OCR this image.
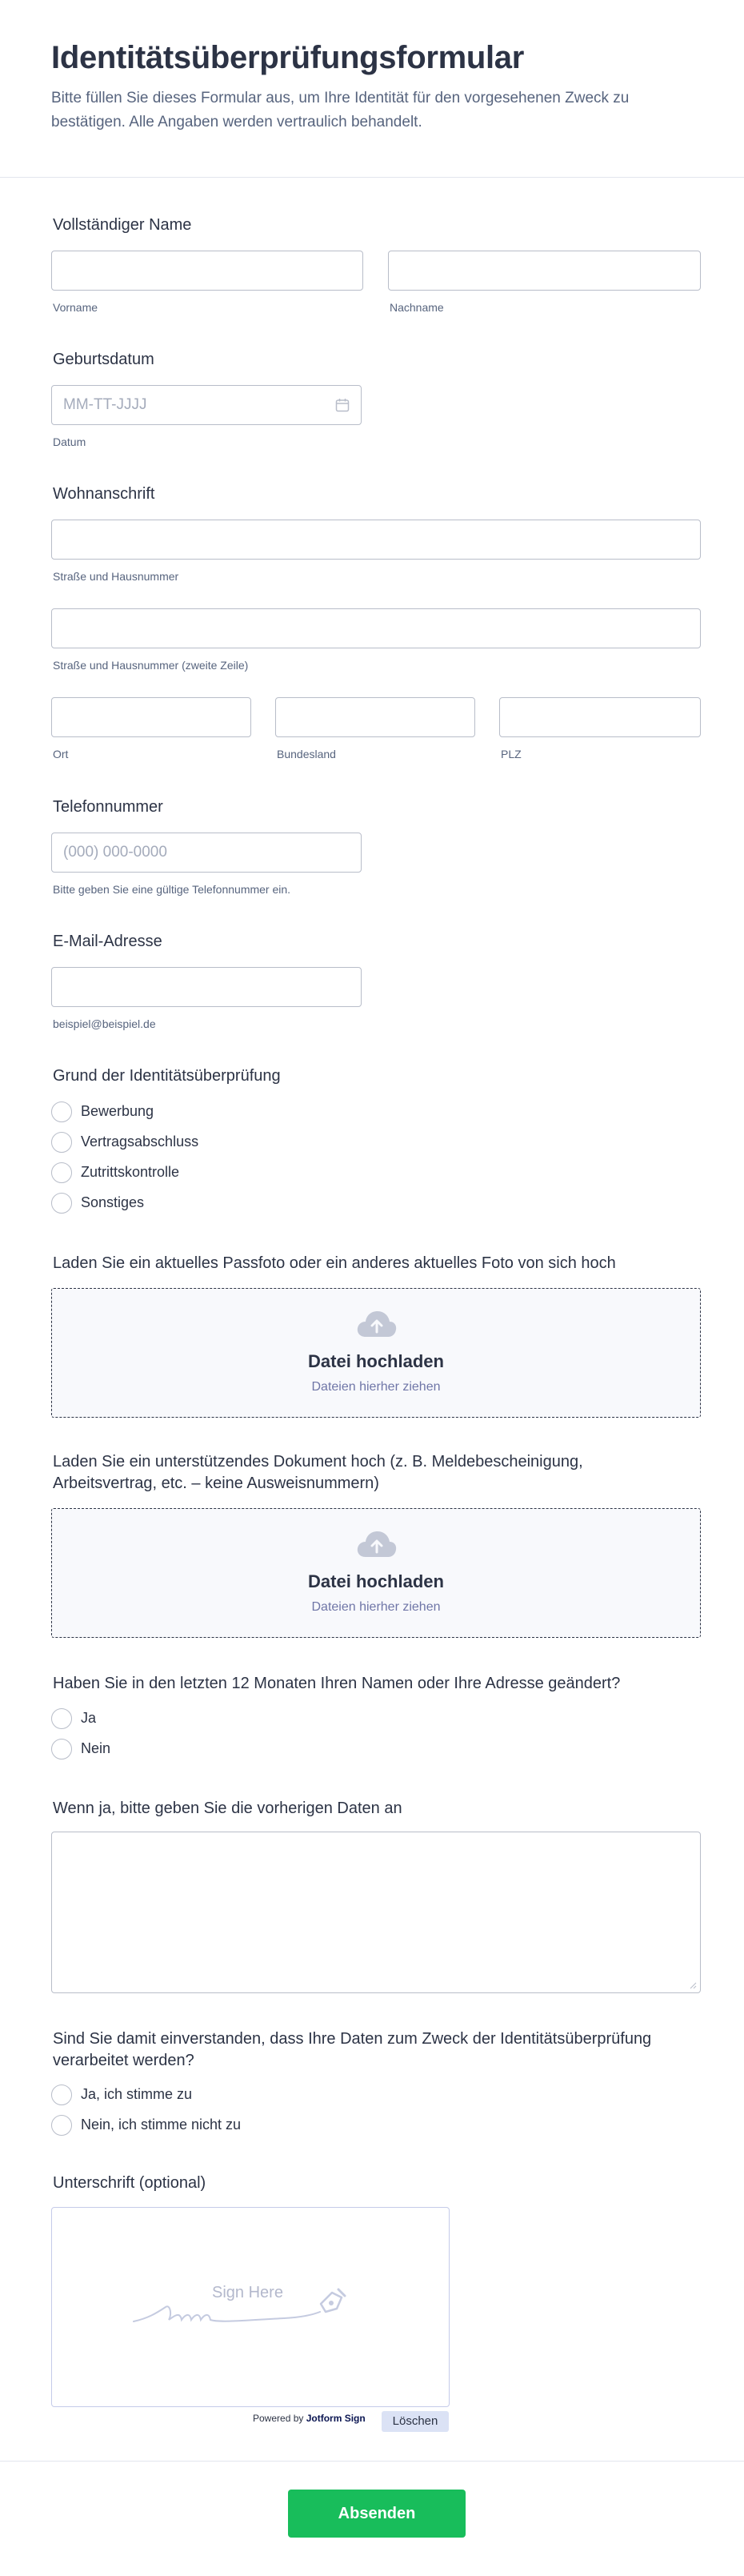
Identitätsüberprüfungsformular
Bitte füllen Sie dieses Formular aus, um Ihre Identität für den vorgesehenen Zweck zu bestätigen. Alle Angaben werden vertraulich behandelt.
Vollständiger Name
Vorname	Nachname
Geburtsdatum
MM-TT-JJJJ
Datum
Wohnanschrift
Straße und Hausnummer
Straße und Hausnummer (zweite Zeile)
Ort	Bundesland	PLZ
Telefonnummer
(000) 000-0000
Bitte geben Sie eine gültige Telefonnummer ein.
E-Mail-Adresse
beispiel@beispiel.de
Grund der Identitätsüberprüfung
Bewerbung
Vertragsabschluss
Zutrittskontrolle
Sonstiges
Laden Sie ein aktuelles Passfoto oder ein anderes aktuelles Foto von sich hoch
Datei hochladen
Dateien hierher ziehen
Laden Sie ein unterstützendes Dokument hoch (z. B. Meldebescheinigung,
Arbeitsvertrag, etc. – keine Ausweisnummern)
Datei hochladen
Dateien hierher ziehen
Haben Sie in den letzten 12 Monaten Ihren Namen oder Ihre Adresse geändert?
Ja
Nein
Wenn ja, bitte geben Sie die vorherigen Daten an
Sind Sie damit einverstanden, dass Ihre Daten zum Zweck der Identitätsüberprüfung
verarbeitet werden?
Ja, ich stimme zu
Nein, ich stimme nicht zu
Unterschrift (optional)
Sign Here
Powered by Jotform Sign	Löschen
Absenden
